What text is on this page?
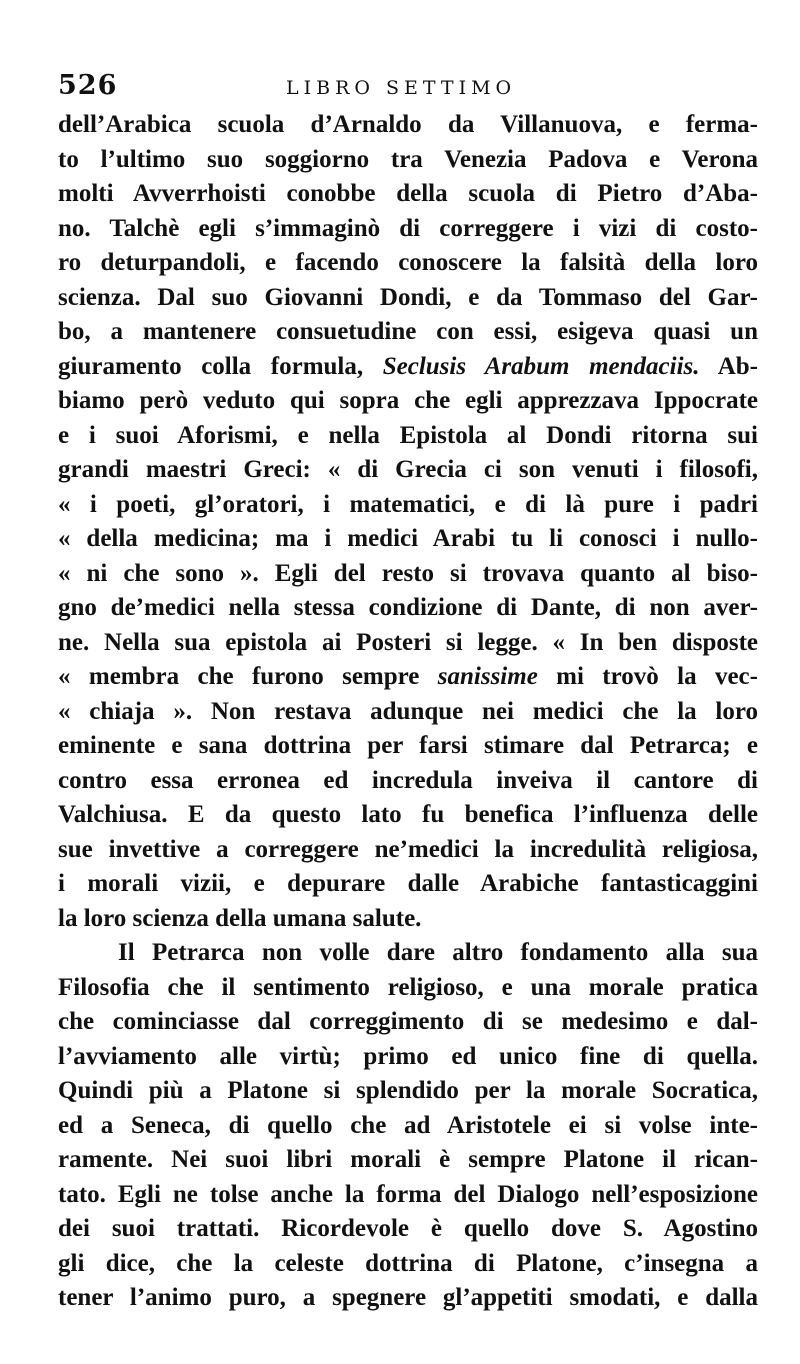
526	LIBRO SETTIMO
dell’Arabica scuola d’Arnaldo da Villanuova, e ferma-
to l’ultimo suo soggiorno tra Venezia Padova e Verona
molti Avverrhoisti conobbe della scuola di Pietro d’Aba-
no. Talchè egli s’immaginò di correggere i vizi di costo-
ro deturpandoli, e facendo conoscere la falsità della loro
scienza. Dal suo Giovanni Dondi, e da Tommaso del Gar-
bo, a mantenere consuetudine con essi, esigeva quasi un
giuramento colla formula, Seclusis Arabum mendaciis. Ab-
biamo però veduto qui sopra che egli apprezzava Ippocrate
e i suoi Aforismi, e nella Epistola al Dondi ritorna sui
grandi maestri Greci: « di Grecia ci son venuti i filosofi,
« i poeti, gl’oratori, i matematici, e di là pure i padri
« della medicina; ma i medici Arabi tu li conosci i nullo-
« ni che sono ». Egli del resto si trovava quanto al biso-
gno de’medici nella stessa condizione di Dante, di non aver-
ne. Nella sua epistola ai Posteri si legge. « In ben disposte
« membra che furono sempre sanissime mi trovò la vec-
« chiaja ». Non restava adunque nei medici che la loro
eminente e sana dottrina per farsi stimare dal Petrarca; e
contro essa erronea ed incredula inveiva il cantore di
Valchiusa. E da questo lato fu benefica l’influenza delle
sue invettive a correggere ne’medici la incredulità religiosa,
i morali vizii, e depurare dalle Arabiche fantasticaggini
la loro scienza della umana salute.
Il Petrarca non volle dare altro fondamento alla sua
Filosofia che il sentimento religioso, e una morale pratica
che cominciasse dal correggimento di se medesimo e dal-
l’avviamento alle virtù; primo ed unico fine di quella.
Quindi più a Platone si splendido per la morale Socratica,
ed a Seneca, di quello che ad Aristotele ei si volse inte-
ramente. Nei suoi libri morali è sempre Platone il rican-
tato. Egli ne tolse anche la forma del Dialogo nell’esposizione
dei suoi trattati. Ricordevole è quello dove S. Agostino
gli dice, che la celeste dottrina di Platone, c’insegna a
tener l’animo puro, a spegnere gl’appetiti smodati, e dalla
